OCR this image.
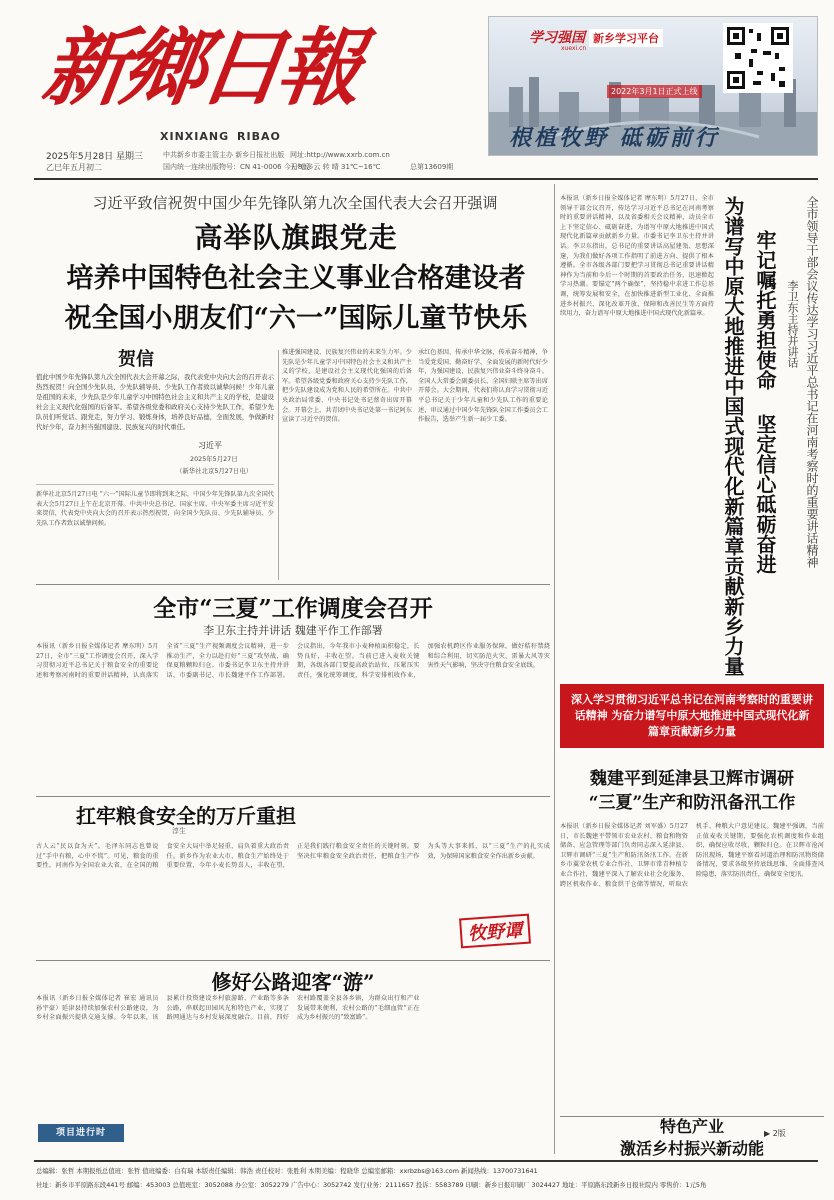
新鄉日報
XINXIANG RIBAO
2025年5月28日 星期三
乙巳年五月初二
中共新乡市委主管主办 新乡日报社出版
国内统一连续出版物号：CN 41-0006 今日8版
网址:http://www.xxrb.com.cn
天气:多云 转 晴 31℃~16℃	总第13609期
学习强国
xuexi.cn
新乡学习平台
2022年3月1日正式上线
根植牧野 砥砺前行
习近平致信祝贺中国少年先锋队第九次全国代表大会召开强调
高举队旗跟党走
培养中国特色社会主义事业合格建设者
祝全国小朋友们“六一”国际儿童节快乐
贺信
值此中国少年先锋队第九次全国代表大会开幕之际，我代表党中央向大会的召开表示热烈祝贺！向全国少先队员、少先队辅导员、少先队工作者致以诚挚问候！少年儿童是祖国的未来，少先队是少年儿童学习中国特色社会主义和共产主义的学校，是建设社会主义现代化强国的后备军。希望各级党委和政府关心支持少先队工作，希望少先队员们听党话、跟党走，努力学习、锻炼身体，培养良好品德，全面发展，争做新时代好少年，奋力担当强国建设、民族复兴的时代重任。
习近平
2025年5月27日
（新华社北京5月27日电）
新华社北京5月27日电 “六一”国际儿童节即将到来之际，中国少年先锋队第九次全国代表大会5月27日上午在北京开幕。中共中央总书记、国家主席、中央军委主席习近平发来贺信，代表党中央向大会的召开表示热烈祝贺，向全国少先队员、少先队辅导员、少先队工作者致以诚挚问候。
推进强国建设、民族复兴伟业的未来生力军。少先队是少年儿童学习中国特色社会主义和共产主义的学校，是建设社会主义现代化强国的后备军。希望各级党委和政府关心支持少先队工作，把少先队建设成为党和人民的希望所在。中共中央政治局常委、中央书记处书记蔡奇出席开幕会。开幕会上，共青团中央书记处第一书记阿东宣读了习近平的贺信。
承红色基因、传承中华文脉，传承奋斗精神，争当爱党爱国、勤奋好学、全面发展的新时代好少年，为强国建设、民族复兴伟业奋斗终身奋斗。全国人大常委会副委员长、全国妇联主席等出席开幕会。大会期间，代表们将认真学习贯彻习近平总书记关于少年儿童和少先队工作的重要论述，审议通过中国少年先锋队全国工作委员会工作报告，选举产生新一届少工委。
全市“三夏”工作调度会召开
李卫东主持并讲话 魏建平作工作部署
本报讯（新乡日报全媒体记者 摩东明）5月27日，全市“三夏”工作调度会召开，深入学习贯彻习近平总书记关于粮食安全的重要论述和考察河南时的重要讲话精神，认真落实全省“三夏”生产视频调度会议精神，进一步推动生产，全力以赴打好“三夏”攻坚战，确保夏粮颗粒归仓。市委书记李卫东主持并讲话，市委副书记、市长魏建平作工作部署。会议指出，今年我市小麦种植面积稳定，长势良好，丰收在望。当前已进入麦收关键期，各级各部门要提高政治站位，压紧压实责任，强化统筹调度，科学安排机收作业，加强农机跨区作业服务保障，做好秸秆禁烧和综合利用，切实防范火灾、雷暴大风等灾害性天气影响，坚决守住粮食安全底线。
扛牢粮食安全的万斤重担
淳生
古人云“民以食为天”。毛泽东同志也曾说过“手中有粮，心中不慌”。可见，粮食的重要性。河南作为全国农业大省，在全国的粮食安全大局中举足轻重，肩负着重大政治责任。新乡作为农业大市，粮食生产始终处于重要位置，今年小麦长势喜人，丰收在望，正是我们践行粮食安全责任的关键时刻。要坚决扛牢粮食安全政治责任，把粮食生产作为头等大事来抓，以“三夏”生产的扎实成效，为保障国家粮食安全作出新乡贡献。
牧野谭
修好公路迎客“游”
本报讯（新乡日报全媒体记者 崔宏 通讯员 孙宇豪）延津县持续加强农村公路建设，为乡村全面振兴提供交通支撑。今年以来，该县累计投资建设乡村旅游路、产业路等多条公路，串联起田园风光和特色产业，实现了路网通达与乡村发展深度融合。目前，四好农村路覆盖全县各乡镇，为群众出行和产业发展带来便利，农村公路的“毛细血管”正在成为乡村振兴的“致富路”。
项目进行时
本报讯（新乡日报全媒体记者 摩东明）5月27日，全市领导干部会议召开，传达学习习近平总书记在河南考察时的重要讲话精神，以及省委相关会议精神，动员全市上下坚定信心、砥砺奋进，为谱写中原大地推进中国式现代化新篇章贡献新乡力量。市委书记李卫东主持并讲话。李卫东指出，总书记的重要讲话高屋建瓴、思想深邃，为我们做好各项工作指明了前进方向、提供了根本遵循。全市各级各部门要把学习贯彻总书记重要讲话精神作为当前和今后一个时期的首要政治任务，迅速掀起学习热潮。要锚定“两个确保”，坚持稳中求进工作总基调，统筹发展和安全，在加快推进新型工业化、全面推进乡村振兴、深化改革开放、保障和改善民生等方面持续用力，奋力谱写中原大地推进中国式现代化新篇章。	全市领导干部会议传达学习习近平总书记在河南考察时的重要讲话精神
为谱写中原大地推进中国式现代化新篇章贡献新乡力量 牢记嘱托勇担使命 坚定信心砥砺奋进 李卫东主持并讲话
深入学习贯彻习近平总书记在河南考察时的重要讲话精神 为奋力谱写中原大地推进中国式现代化新篇章贡献新乡力量
魏建平到延津县卫辉市调研
“三夏”生产和防汛备汛工作
本报讯（新乡日报全媒体记者 刘军盛）5月27日，市长魏建平带领市农业农村、粮食和物资储备、应急管理等部门负责同志深入延津县、卫辉市调研“三夏”生产和防汛备汛工作。在新乡市翼荣农机专业合作社、卫辉市常青种植专业合作社，魏建平深入了解农业社会化服务、跨区机收作业、粮食烘干仓储等情况，听取农机手、种粮大户意见建议。魏建平强调，当前正值麦收关键期，要强化农机调度和作业组织，确保应收尽收、颗粒归仓。在卫辉市沧河防汛现场，魏建平察看河道治理和防汛物资储备情况，要求各级坚持底线思维，全面排查风险隐患，落实防汛责任，确保安全度汛。
特色产业
激活乡村振兴新动能
▶ 2版
总编辑：张哲 本期报纸总值班：张哲 值班编委：白有瑞 本版责任编辑：韩浩 责任校对：张胜利 本期美编：程晓华 总编室邮箱：xxrbzbs@163.com 新闻热线：13700731641
社址：新乡市平原路东段441号 邮编：453003 总值班室：3052088 办公室：3052279 广告中心：3052742 发行业务：2111657 投诉：5583789 印刷：新乡日报印刷厂 3024427 地址：平原路东段新乡日报社院内 零售价：1元5角
